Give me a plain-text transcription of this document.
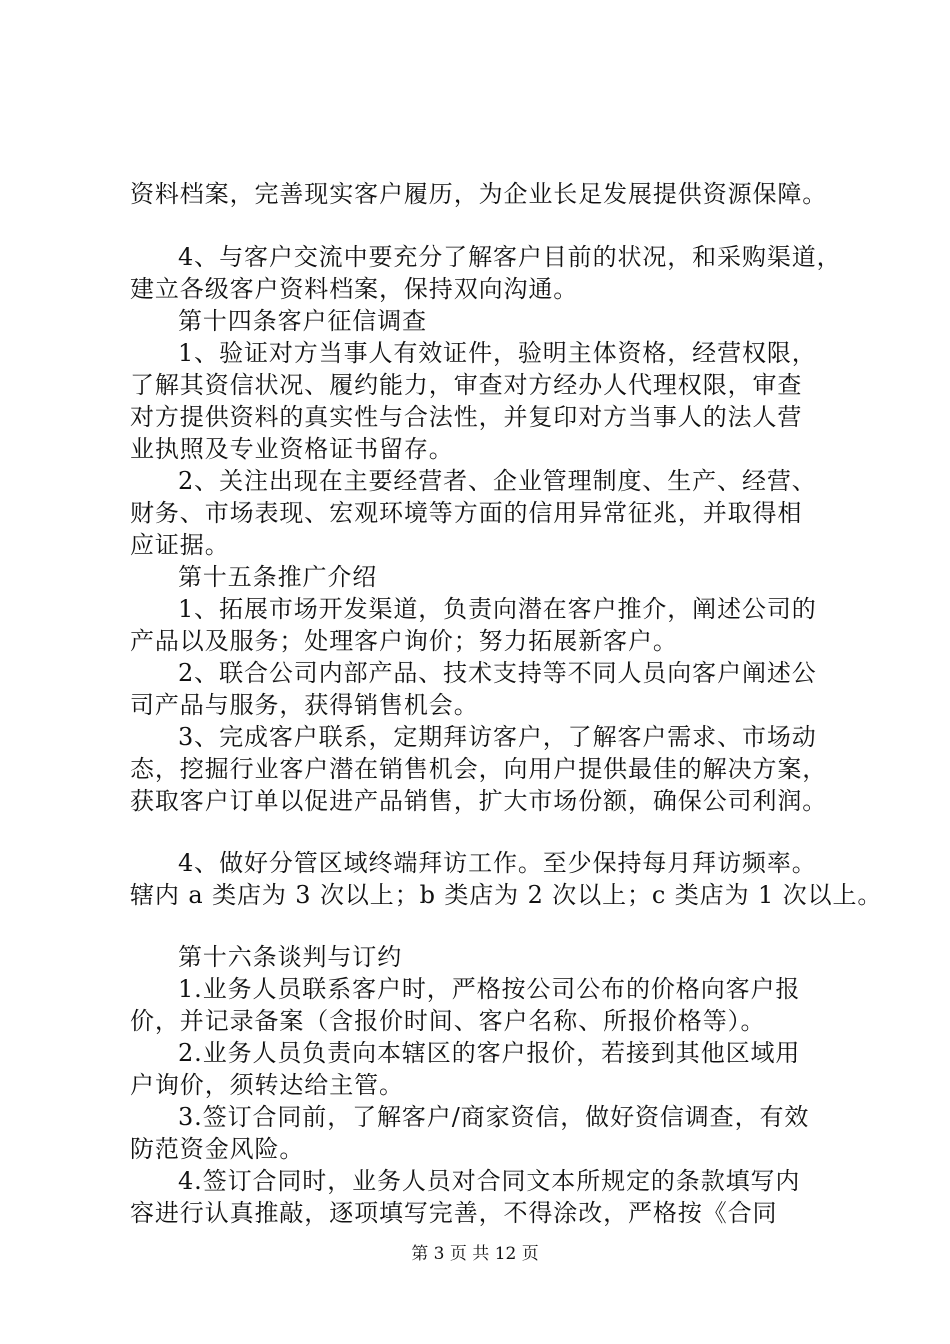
资料档案，完善现实客户履历，为企业长足发展提供资源保障。
4、与客户交流中要充分了解客户目前的状况，和采购渠道，
建立各级客户资料档案，保持双向沟通。
第十四条客户征信调查
1、验证对方当事人有效证件，验明主体资格，经营权限，
了解其资信状况、履约能力，审查对方经办人代理权限，审查
对方提供资料的真实性与合法性，并复印对方当事人的法人营
业执照及专业资格证书留存。
2、关注出现在主要经营者、企业管理制度、生产、经营、
财务、市场表现、宏观环境等方面的信用异常征兆，并取得相
应证据。
第十五条推广介绍
1、拓展市场开发渠道，负责向潜在客户推介，阐述公司的
产品以及服务；处理客户询价；努力拓展新客户。
2、联合公司内部产品、技术支持等不同人员向客户阐述公
司产品与服务，获得销售机会。
3、完成客户联系，定期拜访客户，了解客户需求、市场动
态，挖掘行业客户潜在销售机会，向用户提供最佳的解决方案，
获取客户订单以促进产品销售，扩大市场份额，确保公司利润。
4、做好分管区域终端拜访工作。至少保持每月拜访频率。
辖内 a 类店为 3 次以上；b 类店为 2 次以上；c 类店为 1 次以上。
第十六条谈判与订约
1.业务人员联系客户时，严格按公司公布的价格向客户报
价，并记录备案（含报价时间、客户名称、所报价格等）。
2.业务人员负责向本辖区的客户报价，若接到其他区域用
户询价，须转达给主管。
3.签订合同前，了解客户/商家资信，做好资信调查，有效
防范资金风险。
4.签订合同时，业务人员对合同文本所规定的条款填写内
容进行认真推敲，逐项填写完善，不得涂改，严格按《合同
第 3 页 共 12 页
